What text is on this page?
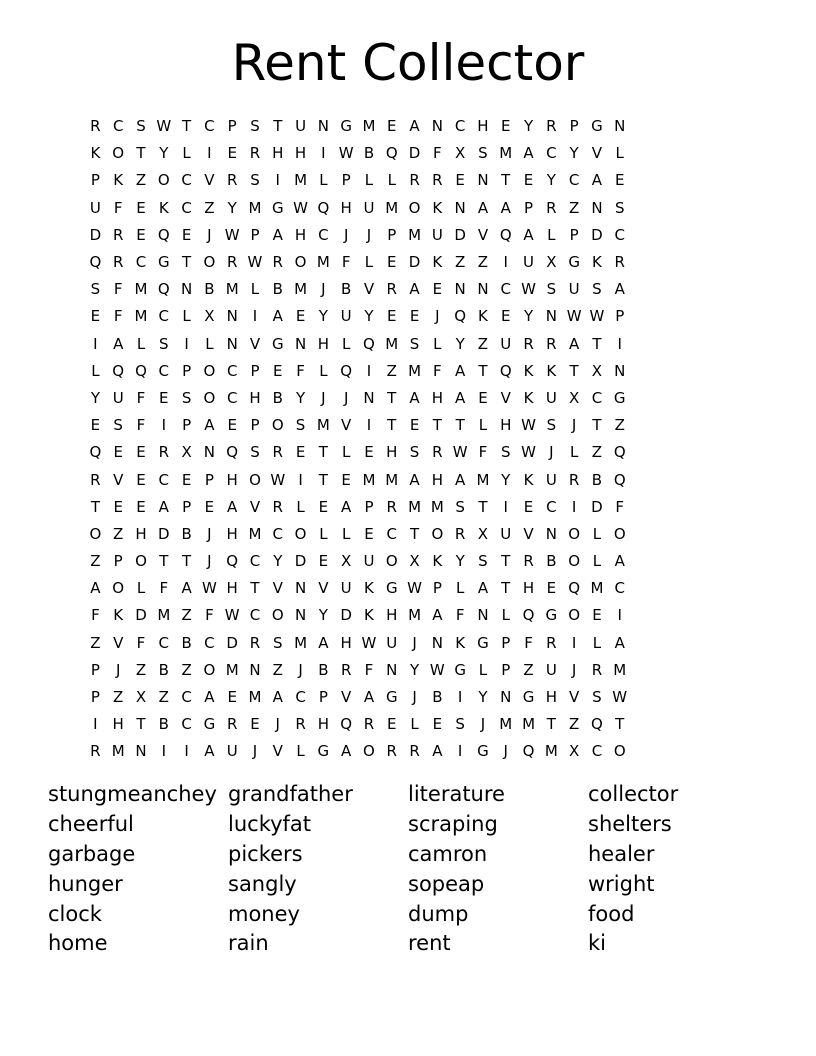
Rent Collector
R C S W T C P S T U N G M E A N C H E Y R P G N
K O T Y L	I	E R H H I W B Q D F X S M A C Y V L
P K Z O C V R S	I M L P L L R R E N T E Y C A E
U F E K C Z Y M G W Q H U M O K N A A P R Z N S
D R E Q E	J W P A H C	J	J	P M U D V Q A L P D C
Q R C G T O R W R O M F L E D K Z Z	I	U X G K R
S F M Q N B M L B M J	B V R A E N N C W S U S A
E F M C L X N I	A E Y U Y E E	J Q K E Y N W W P
I	A L S	I	L N V G N H L Q M S L Y Z U R R A T	I
L Q Q C P O C P E F L Q I	Z M F A T Q K K T X N
Y U F E S O C H B Y	J	J N T A H A E V K U X C G
E S F	I	P A E P O S M V	I	T E T T L H W S	J	T Z
Q E E R X N Q S R E T L E H S R W F S W J	L Z Q
R V E C E P H O W I	T E M M A H A M Y K U R B Q
T E E A P E A V R L E A P R M M S T	I	E C	I D F
O Z H D B	J H M C O L L E C T O R X U V N O L O
Z P O T T	J Q C Y D E X U O X K Y S T R B O L A
A O L F A W H T V N V U K G W P L A T H E Q M C
F K D M Z F W C O N Y D K H M A F N L Q G O E	I
Z V F C B C D R S M A H W U	J N K G P F R	I	L A
P	J	Z B Z O M N Z	J	B R F N Y W G L P Z U	J	R M
P Z X Z C A E M A C P V A G J	B	I	Y N G H V S W
I H T B C G R E	J	R H Q R E L E S	J M M T Z Q T
R M N I	I	A U	J	V L G A O R R A	I G J Q M X C O
stungmeanchey grandfather	literature	collector
cheerful	luckyfat	scraping	shelters
garbage	pickers	camron	healer
hunger	sangly	sopeap	wright
clock	money	dump	food
home	rain	rent	ki
